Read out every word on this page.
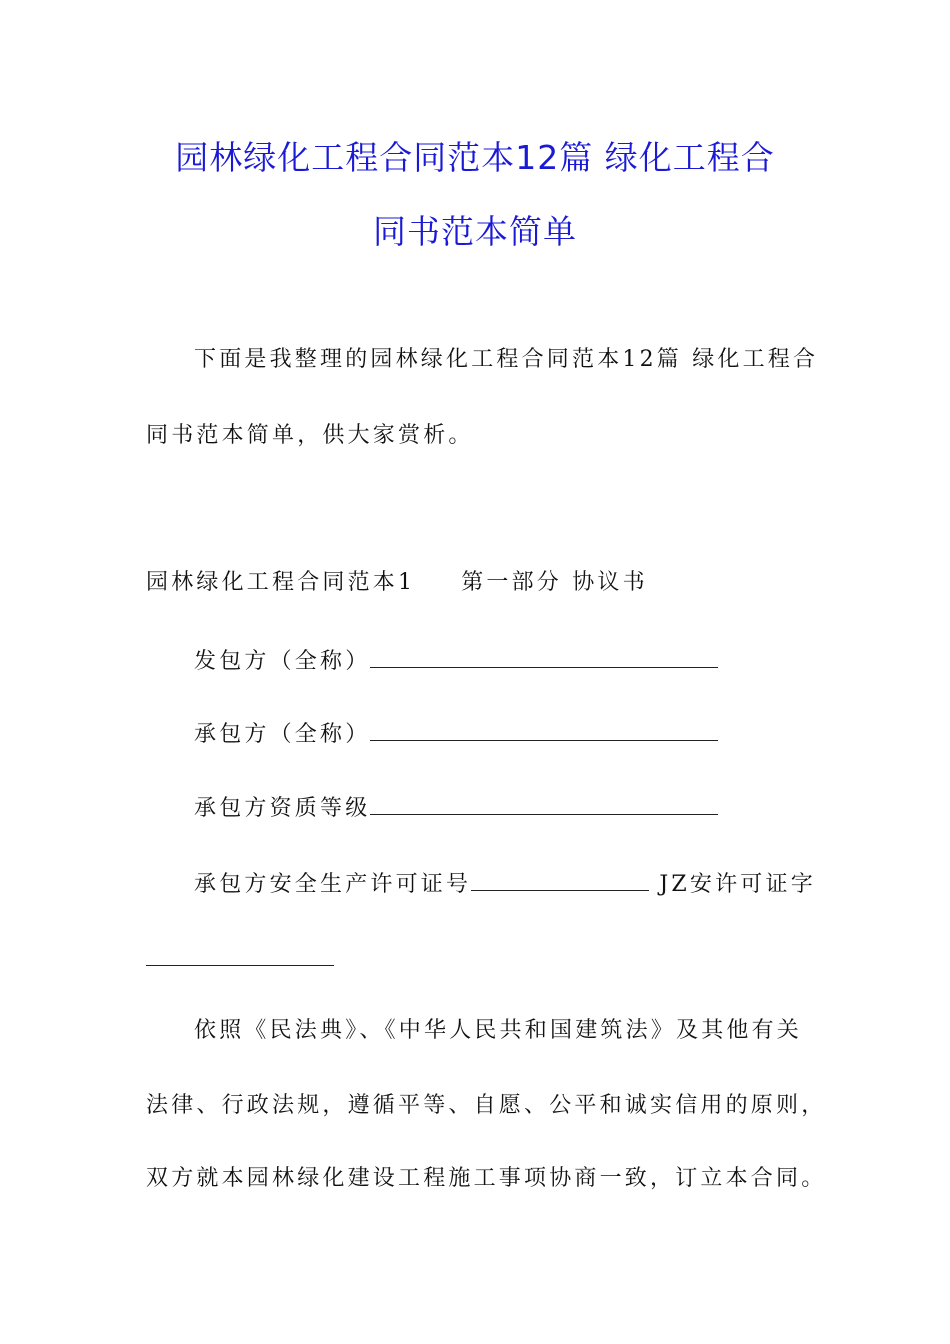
园林绿化工程合同范本12篇 绿化工程合
同书范本简单
下面是我整理的园林绿化工程合同范本12篇 绿化工程合
同书范本简单，供大家赏析。
园林绿化工程合同范本1 第一部分 协议书
发包方（全称）
承包方（全称）
承包方资质等级
承包方安全生产许可证号	JZ安许可证字
依照《民法典》、《中华人民共和国建筑法》及其他有关
法律、行政法规，遵循平等、自愿、公平和诚实信用的原则，
双方就本园林绿化建设工程施工事项协商一致，订立本合同。
